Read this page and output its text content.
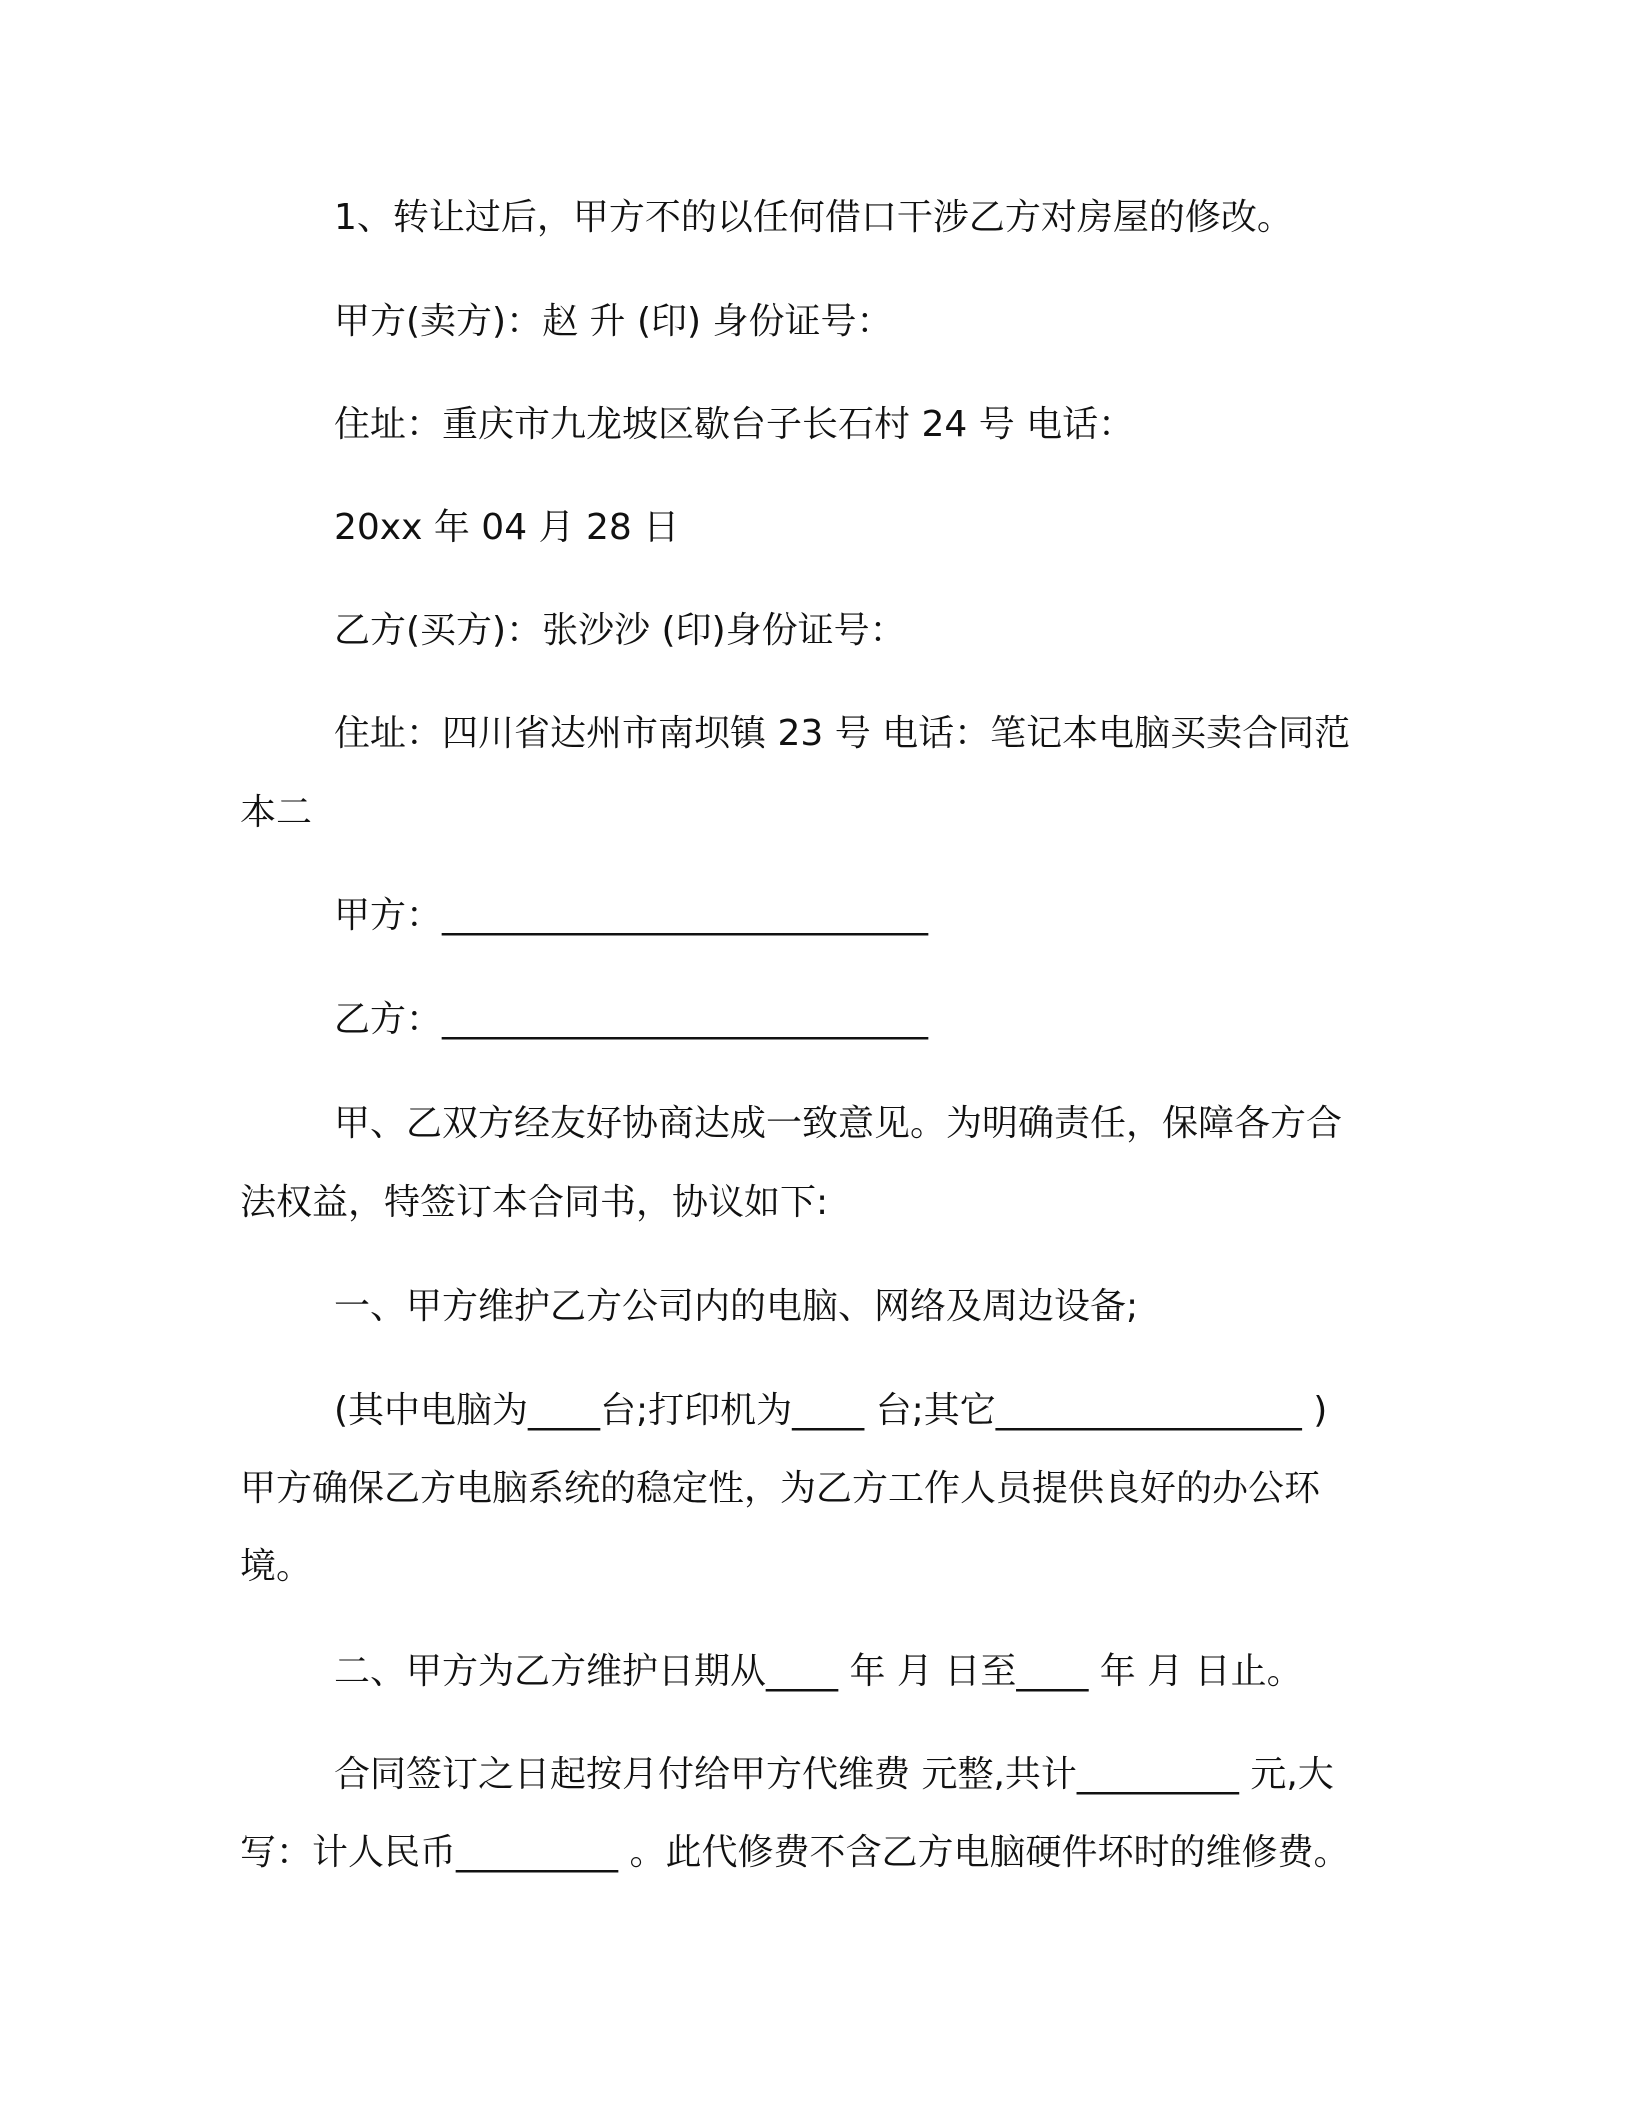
1、转让过后，甲方不的以任何借口干涉乙方对房屋的修改。
甲方(卖方)：赵 升 (印) 身份证号：
住址：重庆市九龙坡区歇台子长石村 24 号 电话：
20xx 年 04 月 28 日
乙方(买方)：张沙沙 (印)身份证号：
住址：四川省达州市南坝镇 23 号 电话：笔记本电脑买卖合同范
本二
甲方：___________________________
乙方：___________________________
甲、乙双方经友好协商达成一致意见。为明确责任，保障各方合
法权益，特签订本合同书，协议如下:
一、甲方维护乙方公司内的电脑、网络及周边设备;
(其中电脑为____台;打印机为____ 台;其它_________________ )
甲方确保乙方电脑系统的稳定性，为乙方工作人员提供良好的办公环
境。
二、甲方为乙方维护日期从____ 年 月 日至____ 年 月 日止。
合同签订之日起按月付给甲方代维费 元整,共计_________ 元,大
写：计人民币_________ 。此代修费不含乙方电脑硬件坏时的维修费。
